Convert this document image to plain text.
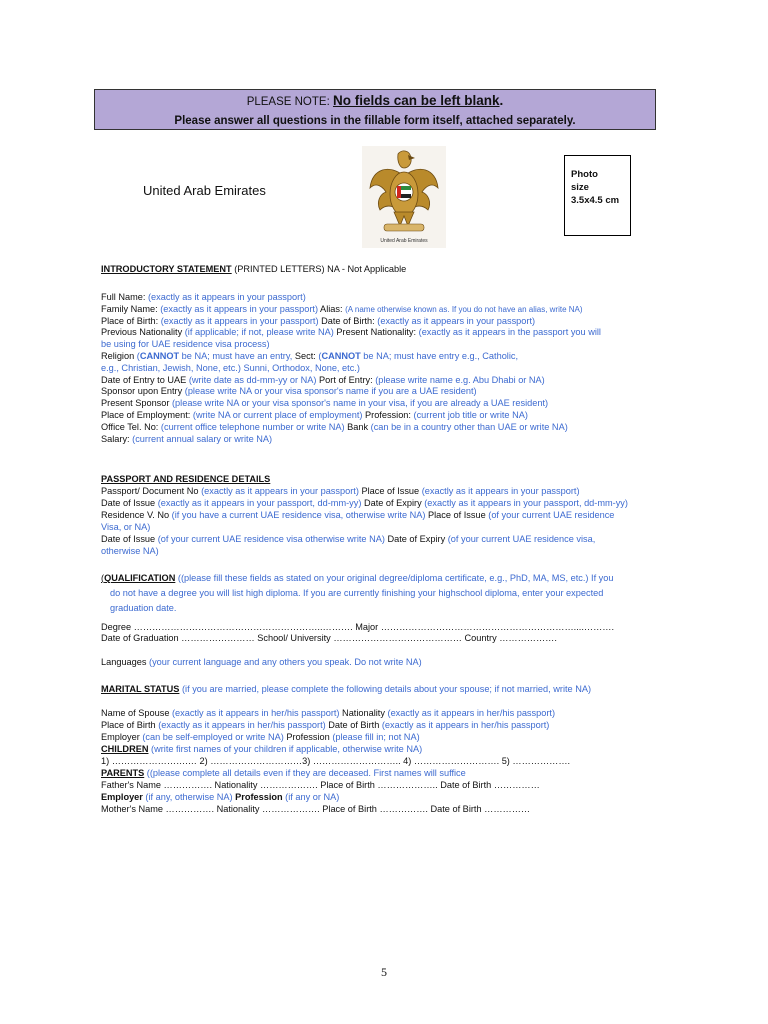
PLEASE NOTE: No fields can be left blank.
Please answer all questions in the fillable form itself, attached separately.
United Arab Emirates
United Arab Emirates
Photo
size
3.5x4.5 cm
INTRODUCTORY STATEMENT (PRINTED LETTERS) NA - Not Applicable
Full Name: (exactly as it appears in your passport)
Family Name: (exactly as it appears in your passport) Alias: (A name otherwise known as. If you do not have an alias, write NA)
Place of Birth: (exactly as it appears in your passport) Date of Birth: (exactly as it appears in your passport)
Previous Nationality (if applicable; if not, please write NA) Present Nationality: (exactly as it appears in the passport you will
be using for UAE residence visa process)
Religion (CANNOT be NA; must have an entry, Sect: (CANNOT be NA; must have entry e.g., Catholic,
e.g., Christian, Jewish, None, etc.) Sunni, Orthodox, None, etc.)
Date of Entry to UAE (write date as dd-mm-yy or NA) Port of Entry: (please write name e.g. Abu Dhabi or NA)
Sponsor upon Entry (please write NA or your visa sponsor's name if you are a UAE resident)
Present Sponsor (please write NA or your visa sponsor's name in your visa, if you are already a UAE resident)
Place of Employment: (write NA or current place of employment) Profession: (current job title or write NA)
Office Tel. No: (current office telephone number or write NA) Bank (can be in a country other than UAE or write NA)
Salary: (current annual salary or write NA)
PASSPORT AND RESIDENCE DETAILS
Passport/ Document No (exactly as it appears in your passport) Place of Issue (exactly as it appears in your passport)
Date of Issue (exactly as it appears in your passport, dd-mm-yy) Date of Expiry (exactly as it appears in your passport, dd-mm-yy)
Residence V. No (if you have a current UAE residence visa, otherwise write NA) Place of Issue (of your current UAE residence
Visa, or NA)
Date of Issue (of your current UAE residence visa otherwise write NA) Date of Expiry (of your current UAE residence visa,
otherwise NA)
(QUALIFICATION ((please fill these fields as stated on your original degree/diploma certificate, e.g., PhD, MA, MS, etc.) If you
do not have a degree you will list high diploma. If you are currently finishing your highschool diploma, enter your expected
graduation date.
Degree ……………………………………………………..………. Major ………………………………………………………....……….
Date of Graduation …………………… School/ University …………………………………… Country ……………….
Languages (your current language and any others you speak. Do not write NA)
MARITAL STATUS (if you are married, please complete the following details about your spouse; if not married, write NA)
Name of Spouse (exactly as it appears in her/his passport) Nationality (exactly as it appears in her/his passport)
Place of Birth (exactly as it appears in her/his passport) Date of Birth (exactly as it appears in her/his passport)
Employer (can be self-employed or write NA) Profession (please fill in; not NA)
CHILDREN (write first names of your children if applicable, otherwise write NA)
1) …………………….… 2) …………………………3) ……………………….. 4) ………………………. 5) ……………….
PARENTS ((please complete all details even if they are deceased. First names will suffice
Father's Name ……………. Nationality ………………. Place of Birth ……………….. Date of Birth ……………
Employer (if any, otherwise NA) Profession (if any or NA)
Mother's Name ……………. Nationality ………………. Place of Birth ……………. Date of Birth ……………
5
